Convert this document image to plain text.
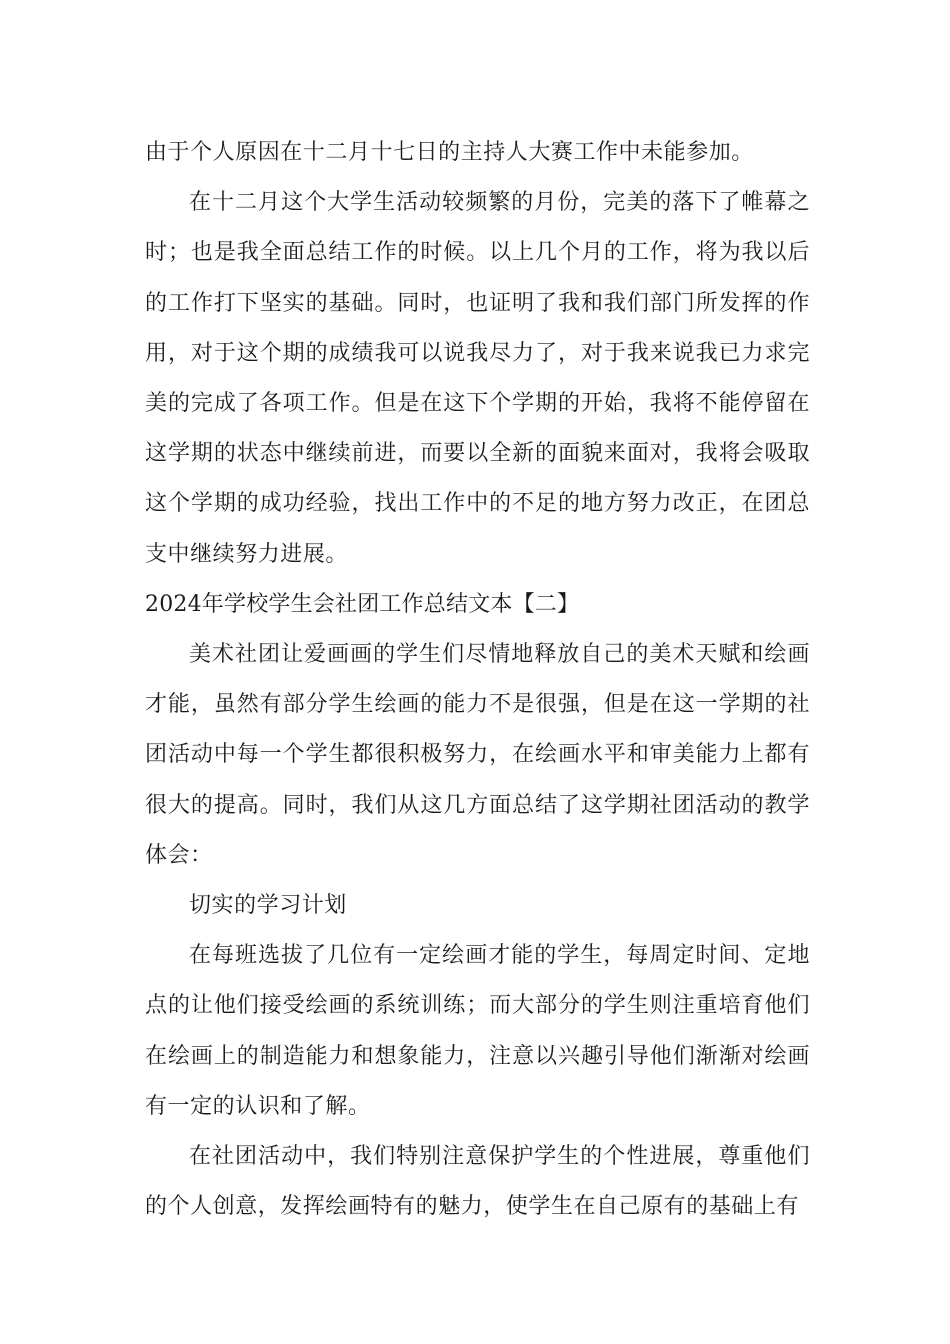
由于个人原因在十二月十七日的主持人大赛工作中未能参加。

在十二月这个大学生活动较频繁的月份，完美的落下了帷幕之时；也是我全面总结工作的时候。以上几个月的工作，将为我以后的工作打下坚实的基础。同时，也证明了我和我们部门所发挥的作用，对于这个期的成绩我可以说我尽力了，对于我来说我已力求完美的完成了各项工作。但是在这下个学期的开始，我将不能停留在这学期的状态中继续前进，而要以全新的面貌来面对，我将会吸取这个学期的成功经验，找出工作中的不足的地方努力改正，在团总支中继续努力进展。

2024年学校学生会社团工作总结文本【二】

美术社团让爱画画的学生们尽情地释放自己的美术天赋和绘画才能，虽然有部分学生绘画的能力不是很强，但是在这一学期的社团活动中每一个学生都很积极努力，在绘画水平和审美能力上都有很大的提高。同时，我们从这几方面总结了这学期社团活动的教学体会：

切实的学习计划

在每班选拔了几位有一定绘画才能的学生，每周定时间、定地点的让他们接受绘画的系统训练；而大部分的学生则注重培育他们在绘画上的制造能力和想象能力，注意以兴趣引导他们渐渐对绘画有一定的认识和了解。

在社团活动中，我们特别注意保护学生的个性进展，尊重他们的个人创意，发挥绘画特有的魅力，使学生在自己原有的基础上有
